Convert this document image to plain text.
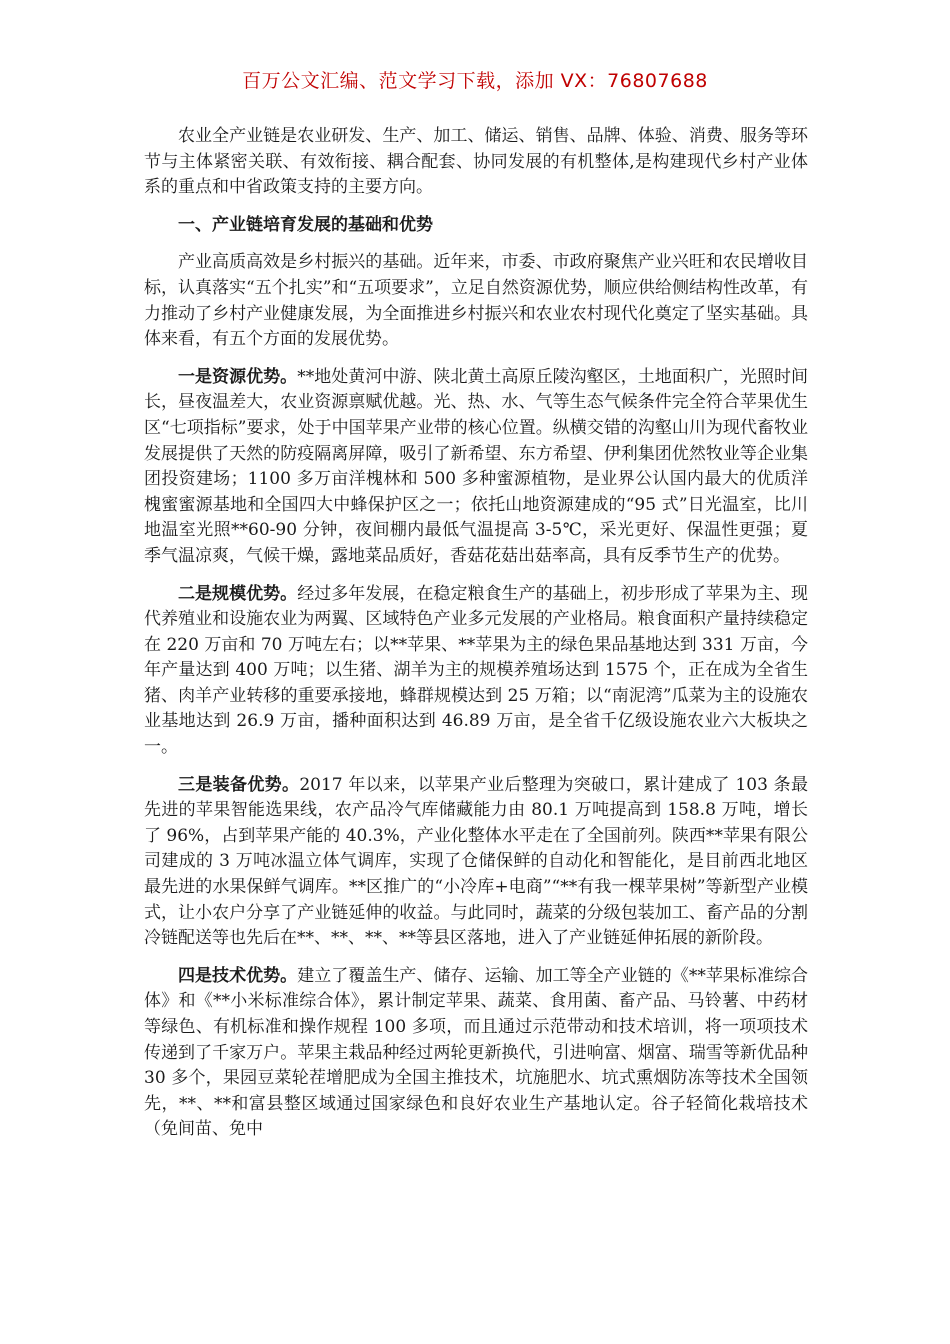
百万公文汇编、范文学习下载，添加 VX：76807688

农业全产业链是农业研发、生产、加工、储运、销售、品牌、体验、消费、服务等环节与主体紧密关联、有效衔接、耦合配套、协同发展的有机整体,是构建现代乡村产业体系的重点和中省政策支持的主要方向。

一、产业链培育发展的基础和优势

产业高质高效是乡村振兴的基础。近年来，市委、市政府聚焦产业兴旺和农民增收目标，认真落实“五个扎实”和“五项要求”，立足自然资源优势，顺应供给侧结构性改革，有力推动了乡村产业健康发展，为全面推进乡村振兴和农业农村现代化奠定了坚实基础。具体来看，有五个方面的发展优势。

一是资源优势。**地处黄河中游、陕北黄土高原丘陵沟壑区，土地面积广，光照时间长，昼夜温差大，农业资源禀赋优越。光、热、水、气等生态气候条件完全符合苹果优生区“七项指标”要求，处于中国苹果产业带的核心位置。纵横交错的沟壑山川为现代畜牧业发展提供了天然的防疫隔离屏障，吸引了新希望、东方希望、伊利集团优然牧业等企业集团投资建场；1100 多万亩洋槐林和 500 多种蜜源植物，是业界公认国内最大的优质洋槐蜜蜜源基地和全国四大中蜂保护区之一；依托山地资源建成的“95 式”日光温室，比川地温室光照**60-90 分钟，夜间棚内最低气温提高 3-5℃，采光更好、保温性更强；夏季气温凉爽，气候干燥，露地菜品质好，香菇花菇出菇率高，具有反季节生产的优势。

二是规模优势。经过多年发展，在稳定粮食生产的基础上，初步形成了苹果为主、现代养殖业和设施农业为两翼、区域特色产业多元发展的产业格局。粮食面积产量持续稳定在 220 万亩和 70 万吨左右；以**苹果、**苹果为主的绿色果品基地达到 331 万亩，今年产量达到 400 万吨；以生猪、湖羊为主的规模养殖场达到 1575 个，正在成为全省生猪、肉羊产业转移的重要承接地，蜂群规模达到 25 万箱；以“南泥湾”瓜菜为主的设施农业基地达到 26.9 万亩，播种面积达到 46.89 万亩，是全省千亿级设施农业六大板块之一。

三是装备优势。2017 年以来，以苹果产业后整理为突破口，累计建成了 103 条最先进的苹果智能选果线，农产品冷气库储藏能力由 80.1 万吨提高到 158.8 万吨，增长了 96%，占到苹果产能的 40.3%，产业化整体水平走在了全国前列。陕西**苹果有限公司建成的 3 万吨冰温立体气调库，实现了仓储保鲜的自动化和智能化，是目前西北地区最先进的水果保鲜气调库。**区推广的“小冷库+电商”“**有我一棵苹果树”等新型产业模式，让小农户分享了产业链延伸的收益。与此同时，蔬菜的分级包装加工、畜产品的分割冷链配送等也先后在**、**、**、**等县区落地，进入了产业链延伸拓展的新阶段。

四是技术优势。建立了覆盖生产、储存、运输、加工等全产业链的《**苹果标准综合体》和《**小米标准综合体》，累计制定苹果、蔬菜、食用菌、畜产品、马铃薯、中药材等绿色、有机标准和操作规程 100 多项，而且通过示范带动和技术培训，将一项项技术传递到了千家万户。苹果主栽品种经过两轮更新换代，引进响富、烟富、瑞雪等新优品种 30 多个，果园豆菜轮茬增肥成为全国主推技术，坑施肥水、坑式熏烟防冻等技术全国领先，**、**和富县整区域通过国家绿色和良好农业生产基地认定。谷子轻简化栽培技术（免间苗、免中
